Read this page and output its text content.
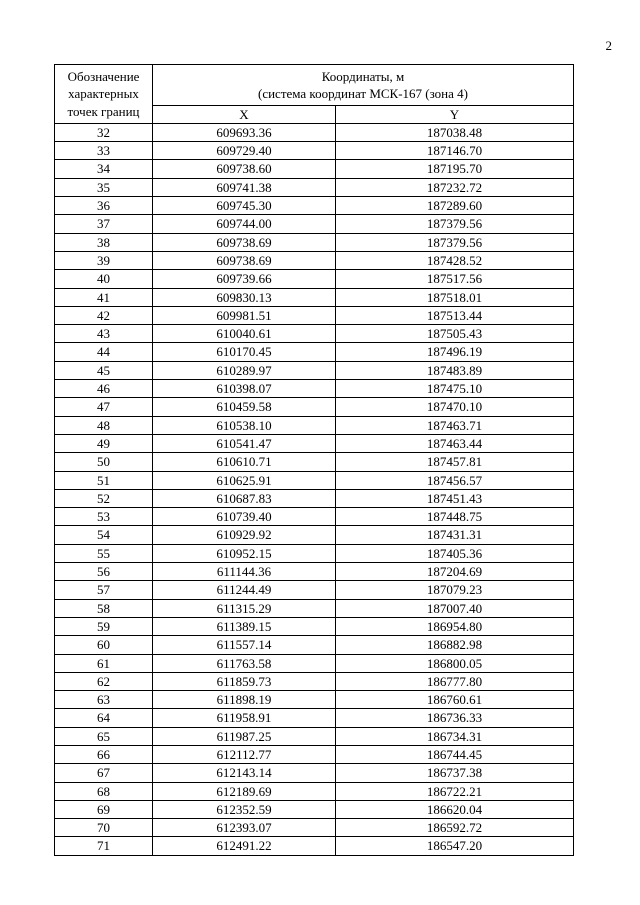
2
Обозначение
характерных
точек границ	Координаты, м
(система координат МСК-167 (зона 4)	

	X	Y
32	609693.36	187038.48
33	609729.40	187146.70
34	609738.60	187195.70
35	609741.38	187232.72
36	609745.30	187289.60
37	609744.00	187379.56
38	609738.69	187379.56
39	609738.69	187428.52
40	609739.66	187517.56
41	609830.13	187518.01
42	609981.51	187513.44
43	610040.61	187505.43
44	610170.45	187496.19
45	610289.97	187483.89
46	610398.07	187475.10
47	610459.58	187470.10
48	610538.10	187463.71
49	610541.47	187463.44
50	610610.71	187457.81
51	610625.91	187456.57
52	610687.83	187451.43
53	610739.40	187448.75
54	610929.92	187431.31
55	610952.15	187405.36
56	611144.36	187204.69
57	611244.49	187079.23
58	611315.29	187007.40
59	611389.15	186954.80
60	611557.14	186882.98
61	611763.58	186800.05
62	611859.73	186777.80
63	611898.19	186760.61
64	611958.91	186736.33
65	611987.25	186734.31
66	612112.77	186744.45
67	612143.14	186737.38
68	612189.69	186722.21
69	612352.59	186620.04
70	612393.07	186592.72
71	612491.22	186547.20
